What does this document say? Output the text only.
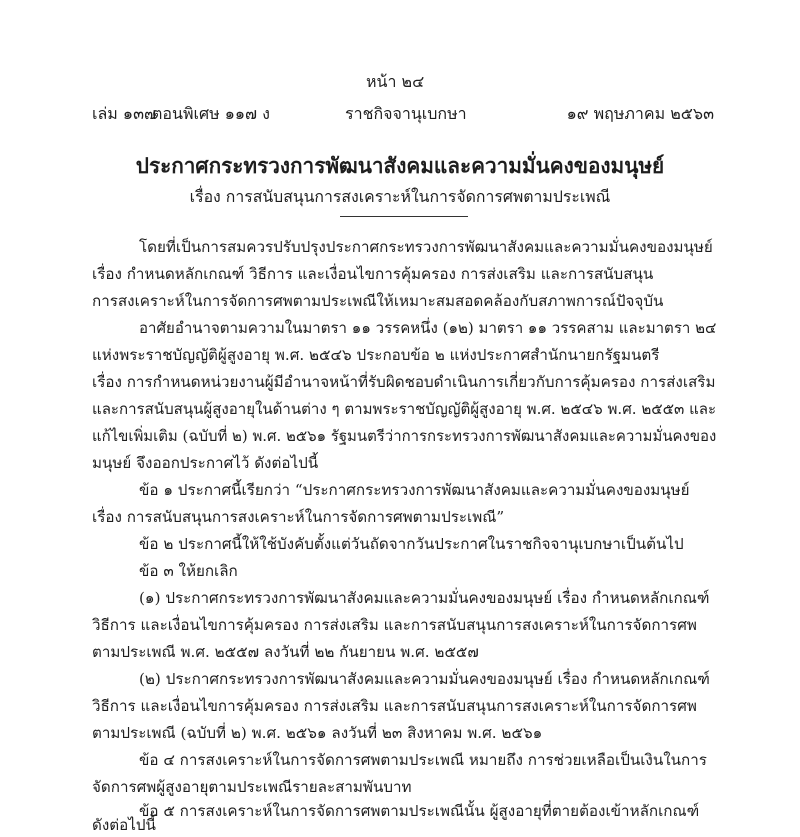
หน้า ๒๔
เล่ม ๑๓๗
ตอนพิเศษ ๑๑๗ ง	ราชกิจจานุเบกษา	๑๙ พฤษภาคม ๒๕๖๓
ประกาศกระทรวงการพัฒนาสังคมและความมั่นคงของมนุษย์
เรื่อง การสนับสนุนการสงเคราะห์ในการจัดการศพตามประเพณี
โดยที่เป็นการสมควรปรับปรุงประกาศกระทรวงการพัฒนาสังคมและความมั่นคงของมนุษย์
เรื่อง กำหนดหลักเกณฑ์ วิธีการ และเงื่อนไขการคุ้มครอง การส่งเสริม และการสนับสนุน
การสงเคราะห์ในการจัดการศพตามประเพณีให้เหมาะสมสอดคล้องกับสภาพการณ์ปัจจุบัน
อาศัยอำนาจตามความในมาตรา ๑๑ วรรคหนึ่ง (๑๒) มาตรา ๑๑ วรรคสาม และมาตรา ๒๔
แห่งพระราชบัญญัติผู้สูงอายุ พ.ศ. ๒๕๔๖ ประกอบข้อ ๒ แห่งประกาศสำนักนายกรัฐมนตรี
เรื่อง การกำหนดหน่วยงานผู้มีอำนาจหน้าที่รับผิดชอบดำเนินการเกี่ยวกับการคุ้มครอง การส่งเสริม
และการสนับสนุนผู้สูงอายุในด้านต่าง ๆ ตามพระราชบัญญัติผู้สูงอายุ พ.ศ. ๒๕๔๖ พ.ศ. ๒๕๕๓ และ
แก้ไขเพิ่มเติม (ฉบับที่ ๒) พ.ศ. ๒๕๖๑ รัฐมนตรีว่าการกระทรวงการพัฒนาสังคมและความมั่นคงของ
มนุษย์ จึงออกประกาศไว้ ดังต่อไปนี้
ข้อ ๑ ประกาศนี้เรียกว่า “ประกาศกระทรวงการพัฒนาสังคมและความมั่นคงของมนุษย์
เรื่อง การสนับสนุนการสงเคราะห์ในการจัดการศพตามประเพณี”
ข้อ ๒ ประกาศนี้ให้ใช้บังคับตั้งแต่วันถัดจากวันประกาศในราชกิจจานุเบกษาเป็นต้นไป
ข้อ ๓ ให้ยกเลิก
(๑) ประกาศกระทรวงการพัฒนาสังคมและความมั่นคงของมนุษย์ เรื่อง กำหนดหลักเกณฑ์
วิธีการ และเงื่อนไขการคุ้มครอง การส่งเสริม และการสนับสนุนการสงเคราะห์ในการจัดการศพ
ตามประเพณี พ.ศ. ๒๕๕๗ ลงวันที่ ๒๒ กันยายน พ.ศ. ๒๕๕๗
(๒) ประกาศกระทรวงการพัฒนาสังคมและความมั่นคงของมนุษย์ เรื่อง กำหนดหลักเกณฑ์
วิธีการ และเงื่อนไขการคุ้มครอง การส่งเสริม และการสนับสนุนการสงเคราะห์ในการจัดการศพ
ตามประเพณี (ฉบับที่ ๒) พ.ศ. ๒๕๖๑ ลงวันที่ ๒๓ สิงหาคม พ.ศ. ๒๕๖๑
ข้อ ๔ การสงเคราะห์ในการจัดการศพตามประเพณี หมายถึง การช่วยเหลือเป็นเงินในการ
จัดการศพผู้สูงอายุตามประเพณีรายละสามพันบาท
ข้อ ๕ การสงเคราะห์ในการจัดการศพตามประเพณีนั้น ผู้สูงอายุที่ตายต้องเข้าหลักเกณฑ์
ดังต่อไปนี้
